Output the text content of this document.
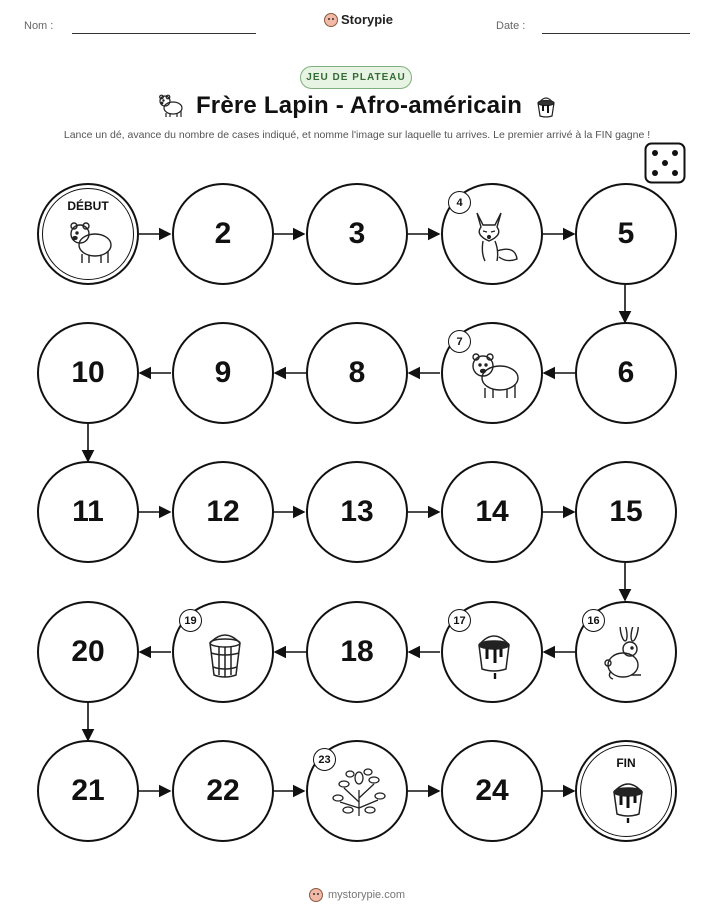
Nom :	Storypie	Date :
JEU DE PLATEAU
Frère Lapin - Afro-américain
Lance un dé, avance du nombre de cases indiqué, et nomme l'image sur laquelle tu arrives. Le premier arrivé à la FIN gagne !
DÉBUT
2	3
4
5
6
7
8
9
10
11	12	13	14	15
16
17
18
19
20
21	22
23
24
FIN
mystorypie.com
